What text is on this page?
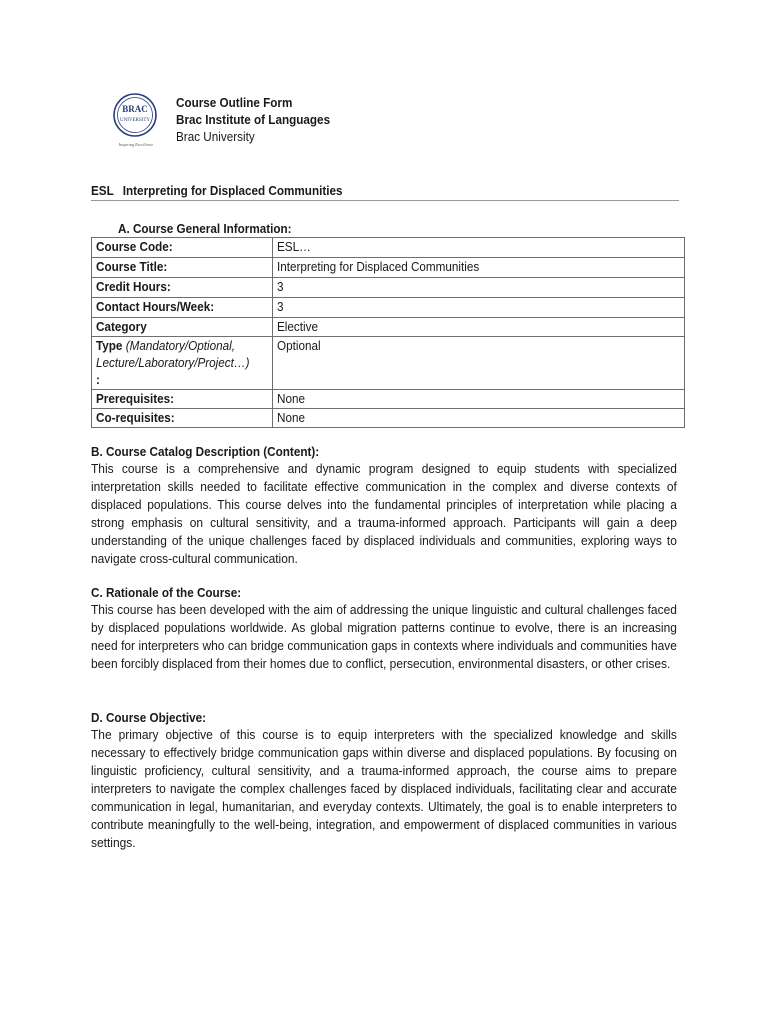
BRAC
UNIVERSITY
Inspiring Excellence
Course Outline Form
Brac Institute of Languages
Brac University
ESL Interpreting for Displaced Communities
A. Course General Information:
Course Code:	ESL…
Course Title:	Interpreting for Displaced Communities
Credit Hours:	3
Contact Hours/Week:	3
Category	Elective
Type (Mandatory/Optional,
Lecture/Laboratory/Project…)
:	Optional
Prerequisites:	None
Co-requisites:	None
B. Course Catalog Description (Content):

This course is a comprehensive and dynamic program designed to equip students with specialized interpretation skills needed to facilitate effective communication in the complex and diverse contexts of displaced populations. This course delves into the fundamental principles of interpretation while placing a strong emphasis on cultural sensitivity, and a trauma-informed approach. Participants will gain a deep understanding of the unique challenges faced by displaced individuals and communities, exploring ways to navigate cross-cultural communication.

C. Rationale of the Course:

This course has been developed with the aim of addressing the unique linguistic and cultural challenges faced by displaced populations worldwide. As global migration patterns continue to evolve, there is an increasing need for interpreters who can bridge communication gaps in contexts where individuals and communities have been forcibly displaced from their homes due to conflict, persecution, environmental disasters, or other crises.

D. Course Objective:

The primary objective of this course is to equip interpreters with the specialized knowledge and skills necessary to effectively bridge communication gaps within diverse and displaced populations. By focusing on linguistic proficiency, cultural sensitivity, and a trauma-informed approach, the course aims to prepare interpreters to navigate the complex challenges faced by displaced individuals, facilitating clear and accurate communication in legal, humanitarian, and everyday contexts. Ultimately, the goal is to enable interpreters to contribute meaningfully to the well-being, integration, and empowerment of displaced communities in various settings.
